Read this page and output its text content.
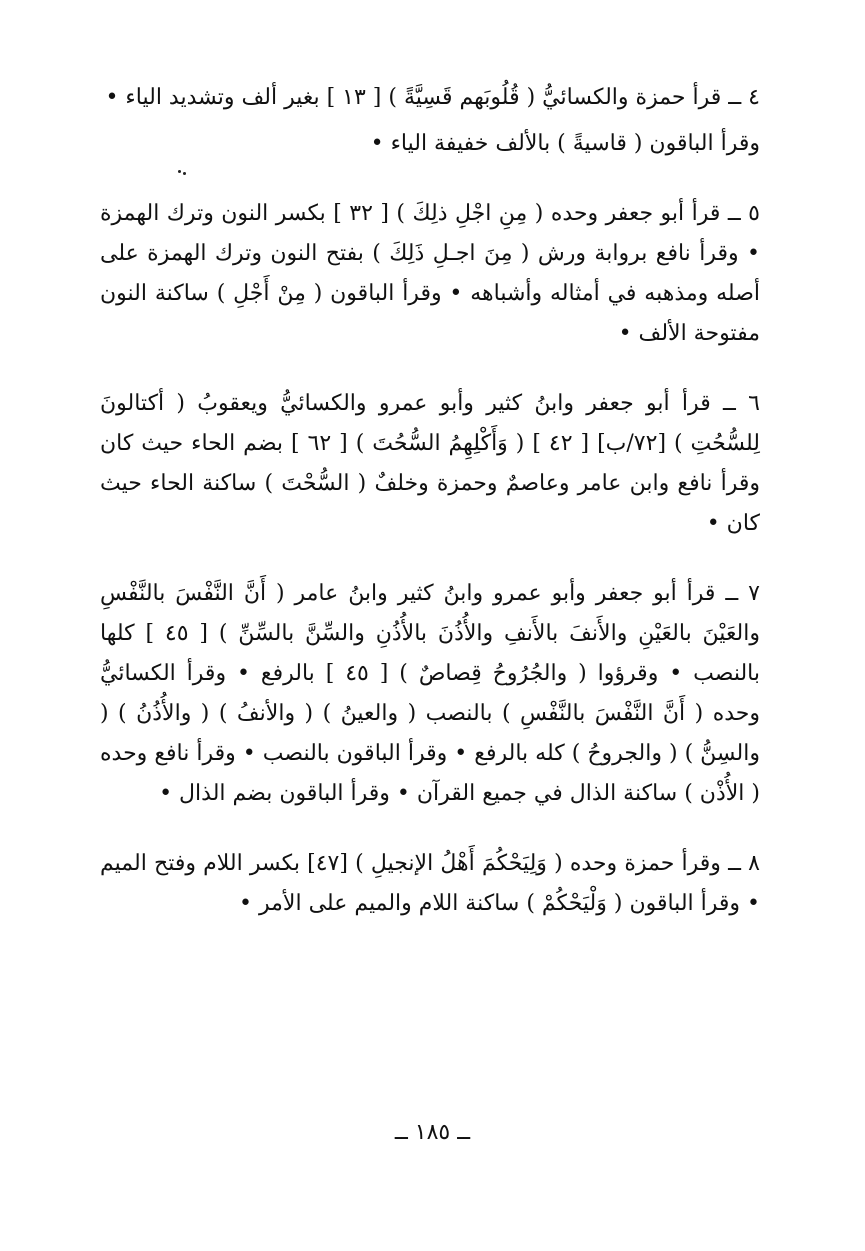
٤ ــ قرأ حمزة والكسائيُّ ( قُلُوبَهم قَسِيَّةً ) [ ١٣ ] بغير ألف وتشديد الياء •

وقرأ الباقون ( قاسيةً ) بالألف خفيفة الياء •

٥ ــ قرأ أبو جعفر وحده ( مِنِ اجْلِ ذلِكَ ) [ ٣٢ ] بكسر النون وترك الهمزة • وقرأ نافع بروابة ورش ( مِنَ اجـلِ ذَلِكَ ) بفتح النون وترك الهمزة على أصله ومذهبه في أمثاله وأشباهه • وقرأ الباقون ( مِنْ أَجْلِ ) ساكنة النون مفتوحة الألف •

٦ ــ قرأ أبو جعفر وابنُ كثير وأبو عمرو والكسائيُّ ويعقوبُ ( أكتالونَ لِلسُّحُتِ ) [٧٢/ب] [ ٤٢ ] ( وَأَكْلِهِمُ السُّحُتَ ) [ ٦٢ ] بضم الحاء حيث كان وقرأ نافع وابن عامر وعاصمٌ وحمزة وخلفٌ ( السُّحْتَ ) ساكنة الحاء حيث كان •

٧ ــ قرأ أبو جعفر وأبو عمرو وابنُ كثير وابنُ عامر ( أَنَّ النَّفْسَ بالنَّفْسِ والعَيْنَ بالعَيْنِ والأَنفَ بالأَنفِ والأُذُنَ بالأُذُنِ والسِّنَّ بالسِّنِّ ) [ ٤٥ ] كلها بالنصب • وقرؤوا ( والجُرُوحُ قِصاصٌ ) [ ٤٥ ] بالرفع • وقرأ الكسائيُّ وحده ( أَنَّ النَّفْسَ بالنَّفْسِ ) بالنصب ( والعينُ ) ( والأنفُ ) ( والأُذُنُ ) ( والسِنُّ ) ( والجروحُ ) كله بالرفع • وقرأ الباقون بالنصب • وقرأ نافع وحده ( الأُذْن ) ساكنة الذال في جميع القرآن • وقرأ الباقون بضم الذال •

٨ ــ وقرأ حمزة وحده ( وَلِيَحْكُمَ أَهْلُ الإنجيلِ ) [٤٧] بكسر اللام وفتح الميم • وقرأ الباقون ( وَلْيَحْكُمْ ) ساكنة اللام والميم على الأمر •

ــ ١٨٥ ــ
